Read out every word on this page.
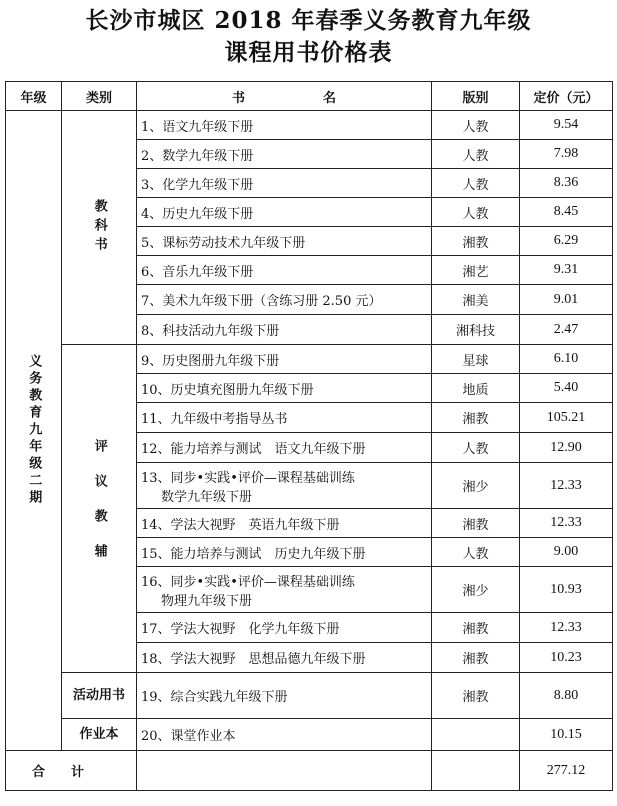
长沙市城区 2018 年春季义务教育九年级
课程用书价格表
年级	类别	书　　　　　　名	版别	定价（元）
义务教育九年级二期	教科书	1、语文九年级下册	人教	9.54

		2、数学九年级下册	人教	7.98

		3、化学九年级下册	人教	8.36

		4、历史九年级下册	人教	8.45

		5、课标劳动技术九年级下册	湘教	6.29

		6、音乐九年级下册	湘艺	9.31

		7、美术九年级下册（含练习册 2.50 元）	湘美	9.01

		8、科技活动九年级下册	湘科技	2.47
	评议教辅	9、历史图册九年级下册	星球	6.10

		10、历史填充图册九年级下册	地质	5.40

		11、九年级中考指导丛书	湘教	105.21

		12、能力培养与测试　语文九年级下册	人教	12.90

		13、同步•实践•评价—课程基础训练
数学九年级下册	湘少	12.33

		14、学法大视野　英语九年级下册	湘教	12.33

		15、能力培养与测试　历史九年级下册	人教	9.00

		16、同步•实践•评价—课程基础训练
物理九年级下册	湘少	10.93

		17、学法大视野　化学九年级下册	湘教	12.33

		18、学法大视野　思想品德九年级下册	湘教	10.23
	活动用书	19、综合实践九年级下册	湘教	8.80
	作业本	20、课堂作业本		10.15
合计				277.12
